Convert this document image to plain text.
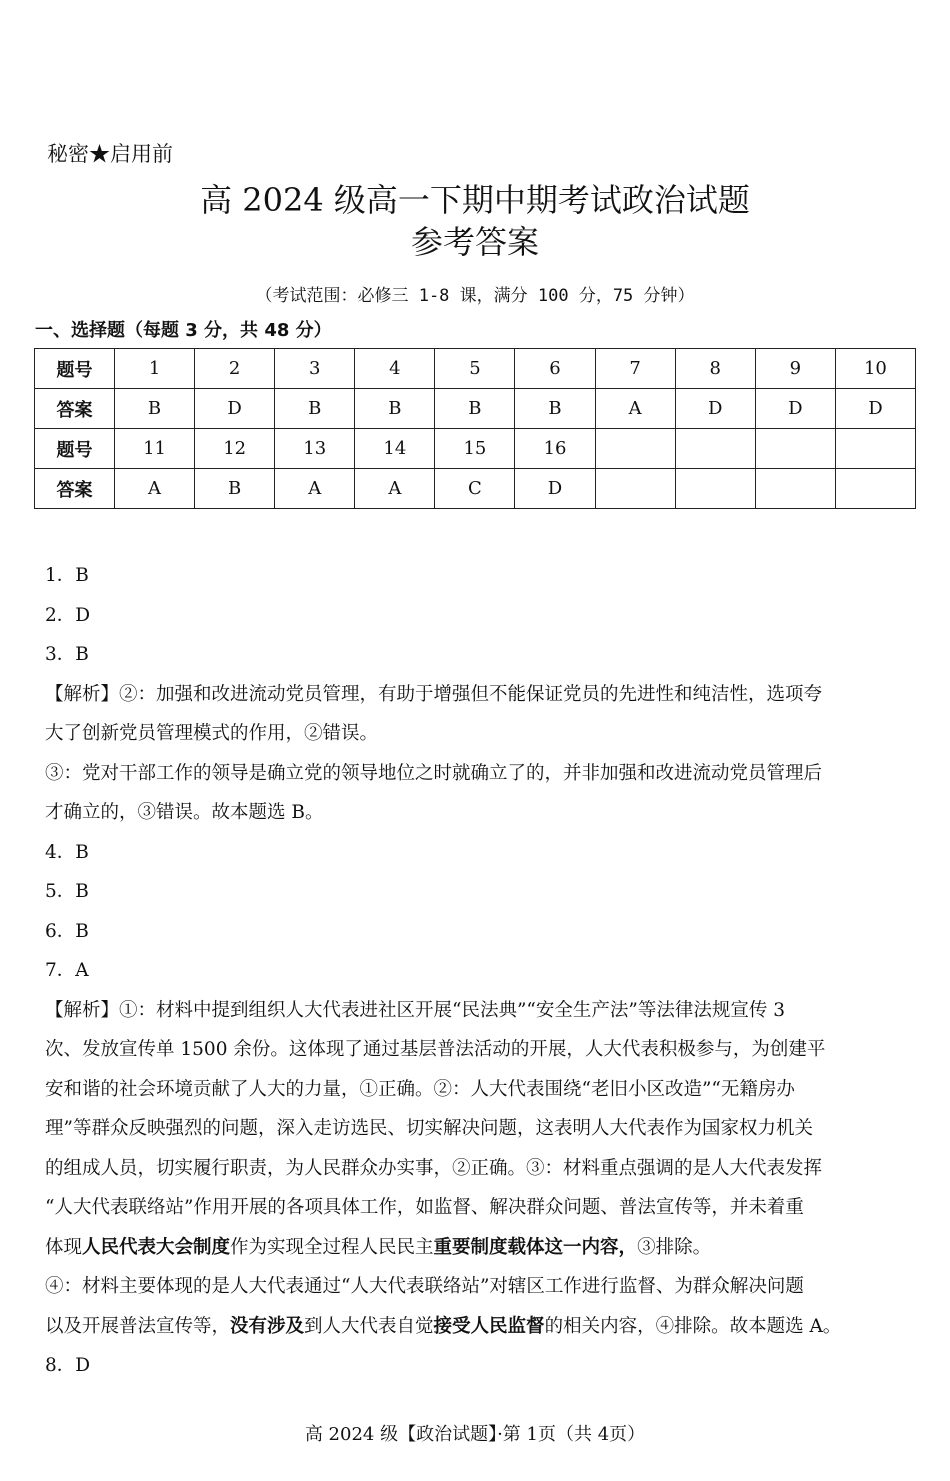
秘密★启用前
高 2024 级高一下期中期考试政治试题
参考答案
（考试范围：必修三 1-8 课，满分 100 分，75 分钟）
一、选择题（每题 3 分，共 48 分）
题号	1	2	3	4	5	6	7	8	9	10
答案	B	D	B	B	B	B	A	D	D	D
题号	11	12	13	14	15	16				
答案	A	B	A	A	C	D				

1．B

2．D

3．B

【解析】②：加强和改进流动党员管理，有助于增强但不能保证党员的先进性和纯洁性，选项夸

大了创新党员管理模式的作用，②错误。

③：党对干部工作的领导是确立党的领导地位之时就确立了的，并非加强和改进流动党员管理后

才确立的，③错误。故本题选 B。

4．B

5．B

6．B

7．A

【解析】①：材料中提到组织人大代表进社区开展“民法典”“安全生产法”等法律法规宣传 3

次、发放宣传单 1500 余份。这体现了通过基层普法活动的开展，人大代表积极参与，为创建平

安和谐的社会环境贡献了人大的力量，①正确。②：人大代表围绕“老旧小区改造”“无籍房办

理”等群众反映强烈的问题，深入走访选民、切实解决问题，这表明人大代表作为国家权力机关

的组成人员，切实履行职责，为人民群众办实事，②正确。③：材料重点强调的是人大代表发挥

“人大代表联络站”作用开展的各项具体工作，如监督、解决群众问题、普法宣传等，并未着重

体现人民代表大会制度作为实现全过程人民民主重要制度载体这一内容，③排除。

④：材料主要体现的是人大代表通过“人大代表联络站”对辖区工作进行监督、为群众解决问题

以及开展普法宣传等，没有涉及到人大代表自觉接受人民监督的相关内容，④排除。故本题选 A。

8．D

高 2024 级【政治试题】·第 1页（共 4页）
